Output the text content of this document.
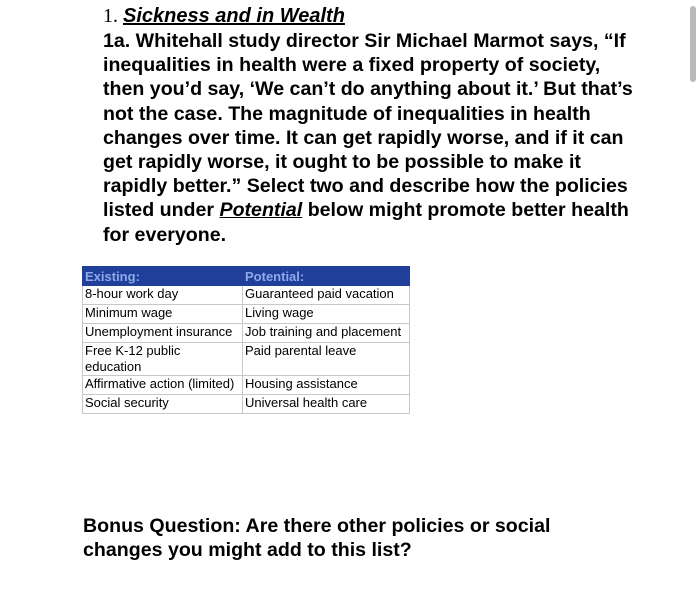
1. Sickness and in Wealth

1a. Whitehall study director Sir Michael Marmot says, “If inequalities in health were a fixed property of society, then you’d say, ‘We can’t do anything about it.’ But that’s not the case. The magnitude of inequalities in health changes over time. It can get rapidly worse, and if it can get rapidly worse, it ought to be possible to make it rapidly better.” Select two and describe how the policies listed under Potential below might promote better health for everyone.

Existing:	Potential:
8-hour work day	Guaranteed paid vacation
Minimum wage	Living wage
Unemployment insurance	Job training and placement
Free K-12 public education	Paid parental leave
Affirmative action (limited)	Housing assistance
Social security	Universal health care

Bonus Question: Are there other policies or social changes you might add to this list?
